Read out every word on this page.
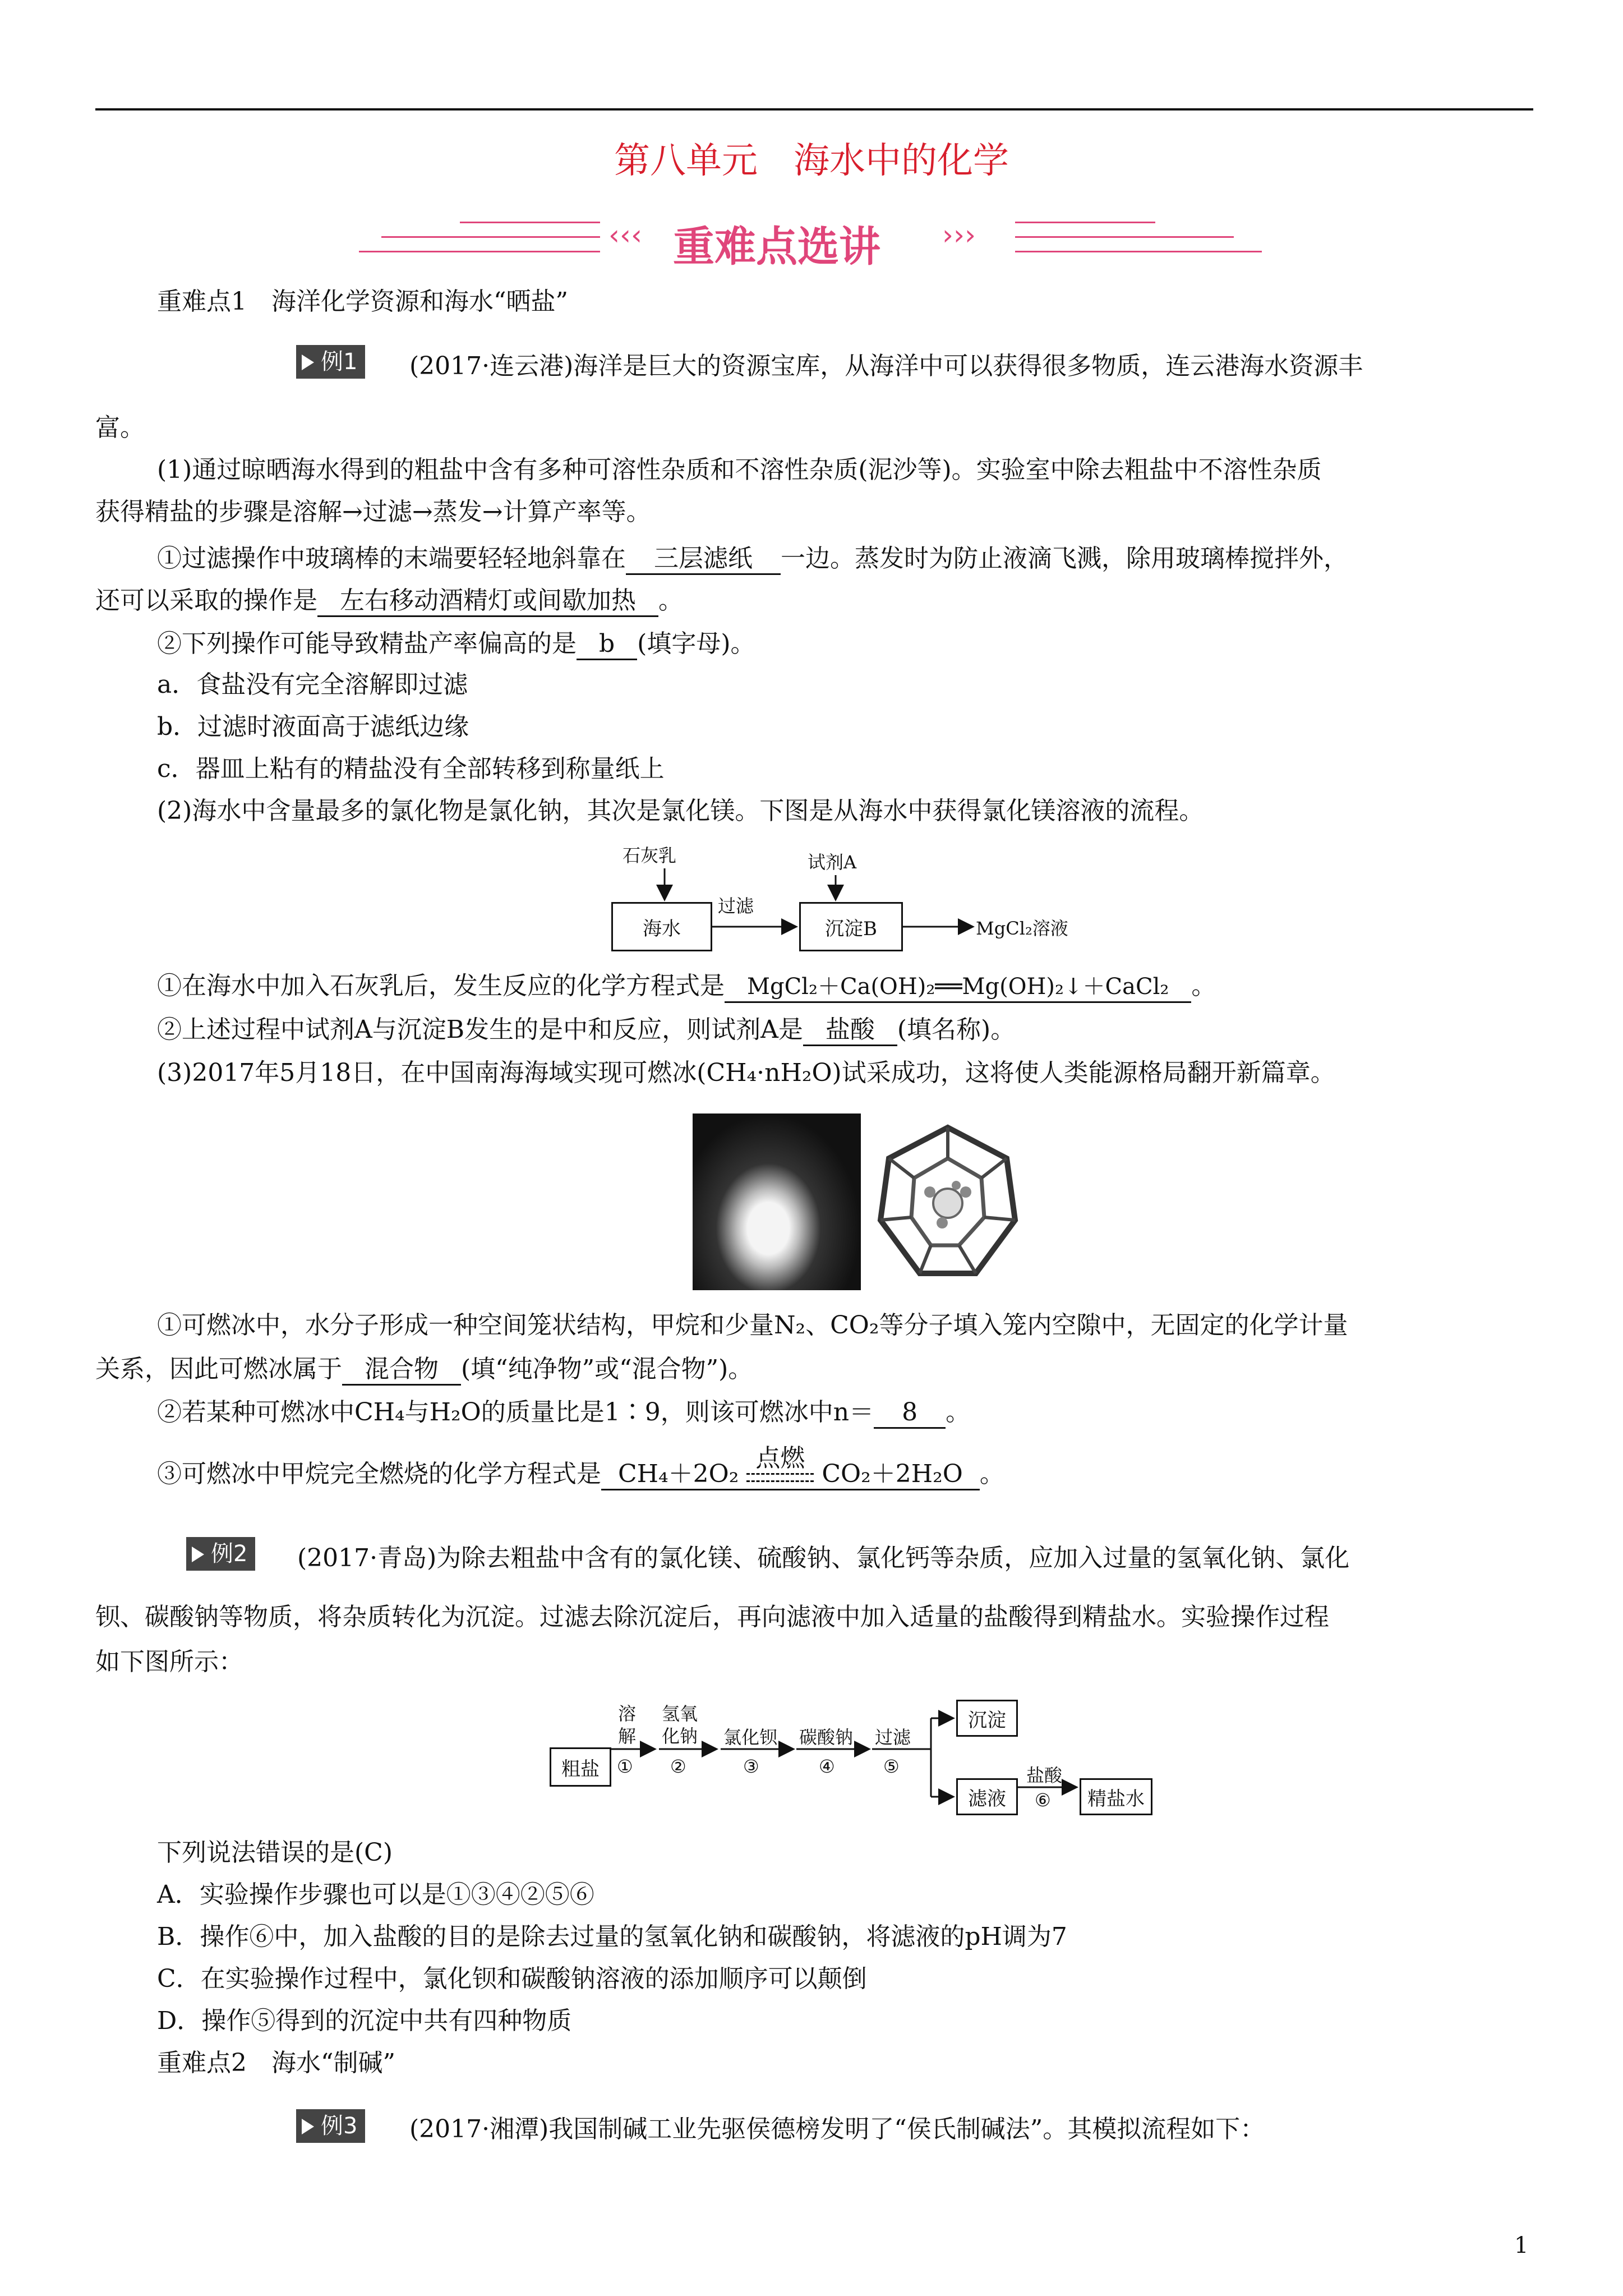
第八单元　海水中的化学
‹‹‹ 重难点选讲 ›››
重难点1　海洋化学资源和海水“晒盐”
例1	(2017·连云港)海洋是巨大的资源宝库，从海洋中可以获得很多物质，连云港海水资源丰
富。
(1)通过晾晒海水得到的粗盐中含有多种可溶性杂质和不溶性杂质(泥沙等)。实验室中除去粗盐中不溶性杂质
获得精盐的步骤是溶解→过滤→蒸发→计算产率等。
①过滤操作中玻璃棒的末端要轻轻地斜靠在 三层滤纸 一边。蒸发时为防止液滴飞溅，除用玻璃棒搅拌外，
还可以采取的操作是 左右移动酒精灯或间歇加热 。
②下列操作可能导致精盐产率偏高的是 b (填字母)。
a．食盐没有完全溶解即过滤
b．过滤时液面高于滤纸边缘
c．器皿上粘有的精盐没有全部转移到称量纸上
(2)海水中含量最多的氯化物是氯化钠，其次是氯化镁。下图是从海水中获得氯化镁溶液的流程。
石灰乳	试剂A
海水	沉淀B
过滤
MgCl₂溶液
①在海水中加入石灰乳后，发生反应的化学方程式是 MgCl₂＋Ca(OH)₂══Mg(OH)₂↓＋CaCl₂ 。
②上述过程中试剂A与沉淀B发生的是中和反应，则试剂A是 盐酸 (填名称)。
(3)2017年5月18日，在中国南海海域实现可燃冰(CH₄·nH₂O)试采成功，这将使人类能源格局翻开新篇章。
①可燃冰中，水分子形成一种空间笼状结构，甲烷和少量N₂、CO₂等分子填入笼内空隙中，无固定的化学计量
关系，因此可燃冰属于 混合物 (填“纯净物”或“混合物”)。
②若某种可燃冰中CH₄与H₂O的质量比是1∶9，则该可燃冰中n＝ 8 。
③可燃冰中甲烷完全燃烧的化学方程式是 CH₄＋2O₂
点燃
CO₂＋2H₂O 。
例2	(2017·青岛)为除去粗盐中含有的氯化镁、硫酸钠、氯化钙等杂质，应加入过量的氢氧化钠、氯化
钡、碳酸钠等物质，将杂质转化为沉淀。过滤去除沉淀后，再向滤液中加入适量的盐酸得到精盐水。实验操作过程
如下图所示：
粗盐
溶
解
①
氢氧
化钠
②
氯化钡
③
碳酸钠
④
过滤
⑤
沉淀
滤液
盐酸
⑥	精盐水
下列说法错误的是(C)
A．实验操作步骤也可以是①③④②⑤⑥
B．操作⑥中，加入盐酸的目的是除去过量的氢氧化钠和碳酸钠，将滤液的pH调为7
C．在实验操作过程中，氯化钡和碳酸钠溶液的添加顺序可以颠倒
D．操作⑤得到的沉淀中共有四种物质
重难点2　海水“制碱”
例3	(2017·湘潭)我国制碱工业先驱侯德榜发明了“侯氏制碱法”。其模拟流程如下：
1
